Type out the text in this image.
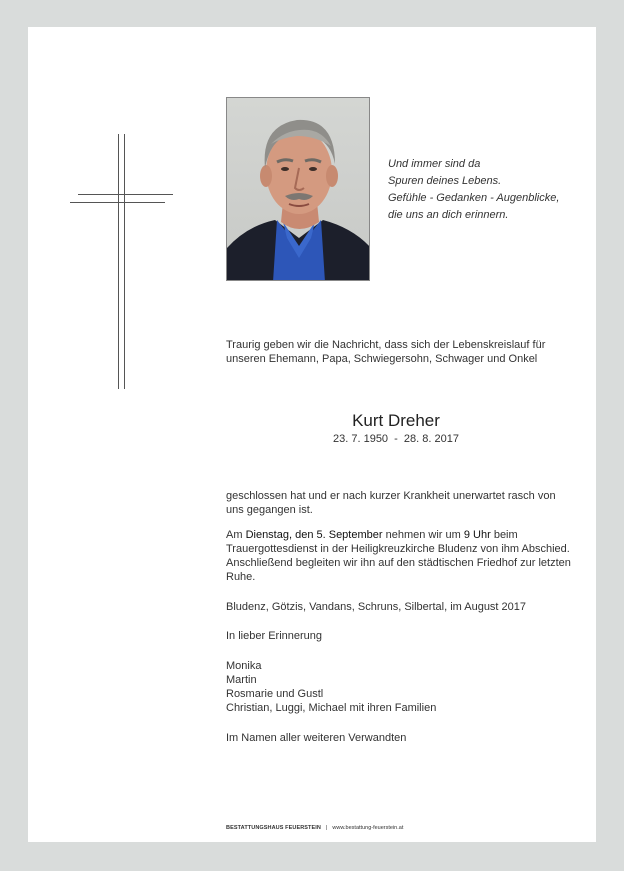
Und immer sind da
Spuren deines Lebens.
Gefühle - Gedanken - Augenblicke,
die uns an dich erinnern.
Traurig geben wir die Nachricht, dass sich der Lebenskreislauf für unseren Ehemann, Papa, Schwiegersohn, Schwager und Onkel
Kurt Dreher
23. 7. 1950  -  28. 8. 2017
geschlossen hat und er nach kurzer Krankheit unerwartet rasch von uns gegangen ist.
Am Dienstag, den 5. September nehmen wir um 9 Uhr beim Trauergottesdienst in der Heiligkreuzkirche Bludenz von ihm Abschied. Anschließend begleiten wir ihn auf den städtischen Friedhof zur letzten Ruhe.
Bludenz, Götzis, Vandans, Schruns, Silbertal, im August 2017
In lieber Erinnerung
Monika
Martin
Rosmarie und Gustl
Christian, Luggi, Michael mit ihren Familien
Im Namen aller weiteren Verwandten
BESTATTUNGSHAUS FEUERSTEIN | www.bestattung-feuerstein.at
